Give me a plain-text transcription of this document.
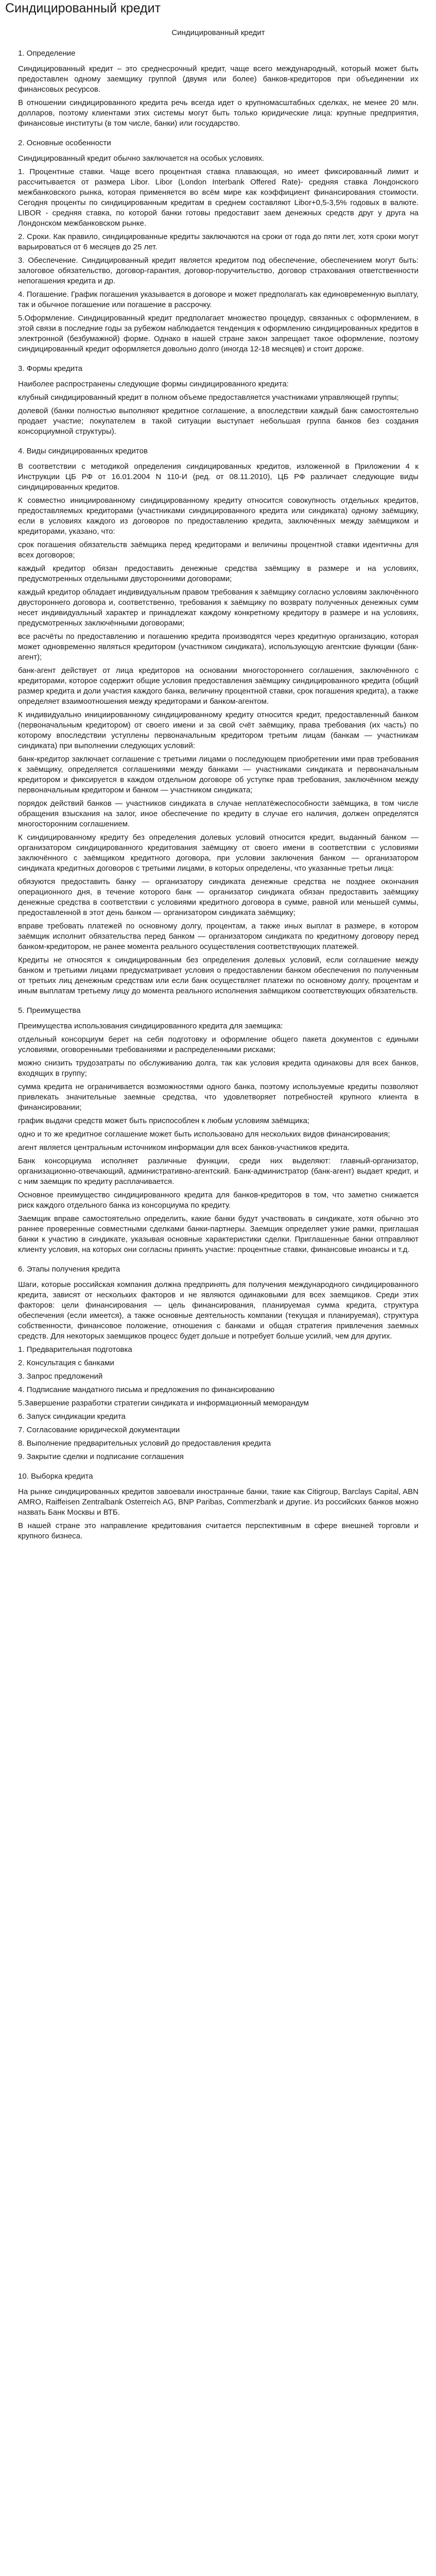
Синдицированный кредит
Синдицированный кредит
1. Определение

Синдицированный кредит – это среднесрочный кредит, чаще всего международный, который может быть предоставлен одному заемщику группой (двумя или более) банков-кредиторов при объединении их финансовых ресурсов.

В отношении синдицированного кредита речь всегда идет о крупномасштабных сделках, не менее 20 млн. долларов, поэтому клиентами этих системы могут быть только юридические лица: крупные предприятия, финансовые институты (в том числе, банки) или государство.

2. Основные особенности

Синдицированный кредит обычно заключается на особых условиях.

1. Процентные ставки. Чаще всего процентная ставка плавающая, но имеет фиксированный лимит и рассчитывается от размера Libor. Libor (London Interbank Offered Rate)- средняя ставка Лондонского межбанковского рынка, которая применяется во всём мире как коэффициент финансирования стоимости. Сегодня проценты по синдицированным кредитам в среднем составляют Libor+0,5-3,5% годовых в валюте. LIBOR - средняя ставка, по которой банки готовы предоставит заем денежных средств друг у друга на Лондонском межбанковском рынке.

2. Сроки. Как правило, синдицированные кредиты заключаются на сроки от года до пяти лет, хотя сроки могут варьироваться от 6 месяцев до 25 лет.

3. Обеспечение. Синдицированный кредит является кредитом под обеспечение, обеспечением могут быть: залоговое обязательство, договор-гарантия, договор-поручительство, договор страхования ответственности непогашения кредита и др.

4. Погашение. График погашения указывается в договоре и может предполагать как единовременную выплату, так и обычное погашение или погашение в рассрочку.

5.Оформление. Синдицированный кредит предполагает множество процедур, связанных с оформлением, в этой связи в последние годы за рубежом наблюдается тенденция к оформлению синдицированных кредитов в электронной (безбумажной) форме. Однако в нашей стране закон запрещает такое оформление, поэтому синдицированный кредит оформляется довольно долго (иногда 12-18 месяцев) и стоит дороже.

3. Формы кредита

Наиболее распространены следующие формы синдицированного кредита:

клубный синдицированный кредит в полном объеме предоставляется участниками управляющей группы;

долевой (банки полностью выполняют кредитное соглашение, а впоследствии каждый банк самостоятельно продает участие; покупателем в такой ситуации выступает небольшая группа банков без создания консорциумной структуры).

4. Виды синдицированных кредитов

В соответствии с методикой определения синдицированных кредитов, изложенной в Приложении 4 к Инструкции ЦБ РФ от 16.01.2004 N 110-И (ред. от 08.11.2010), ЦБ РФ различает следующие виды синдицированных кредитов.

К совместно инициированному синдицированному кредиту относится совокупность отдельных кредитов, предоставляемых кредиторами (участниками синдицированного кредита или синдиката) одному заёмщику, если в условиях каждого из договоров по предоставлению кредита, заключённых между заёмщиком и кредиторами, указано, что:

срок погашения обязательств заёмщика перед кредиторами и величины процентной ставки идентичны для всех договоров;

каждый кредитор обязан предоставить денежные средства заёмщику в размере и на условиях, предусмотренных отдельными двусторонними договорами;

каждый кредитор обладает индивидуальным правом требования к заёмщику согласно условиям заключённого двустороннего договора и, соответственно, требования к заёмщику по возврату полученных денежных сумм несет индивидуальный характер и принадлежат каждому конкретному кредитору в размере и на условиях, предусмотренных заключёнными договорами;

все расчёты по предоставлению и погашению кредита производятся через кредитную организацию, которая может одновременно являться кредитором (участником синдиката), использующую агентские функции (банк-агент);

банк-агент действует от лица кредиторов на основании многостороннего соглашения, заключённого с кредиторами, которое содержит общие условия предоставления заёмщику синдицированного кредита (общий размер кредита и доли участия каждого банка, величину процентной ставки, срок погашения кредита), а также определяет взаимоотношения между кредиторами и банком-агентом.

К индивидуально инициированному синдицированному кредиту относится кредит, предоставленный банком (первоначальным кредитором) от своего имени и за свой счёт заёмщику, права требования (их часть) по которому впоследствии уступлены первоначальным кредитором третьим лицам (банкам — участникам синдиката) при выполнении следующих условий:

банк-кредитор заключает соглашение с третьими лицами о последующем приобретении ими прав требования к заёмщику, определяется соглашениями между банками — участниками синдиката и первоначальным кредитором и фиксируется в каждом отдельном договоре об уступке прав требования, заключённом между первоначальным кредитором и банком — участником синдиката;

порядок действий банков — участников синдиката в случае неплатёжеспособности заёмщика, в том числе обращения взыскания на залог, иное обеспечение по кредиту в случае его наличия, должен определятся многосторонним соглашением.

К синдицированному кредиту без определения долевых условий относится кредит, выданный банком — организатором синдицированного кредитования заёмщику от своего имени в соответствии с условиями заключённого с заёмщиком кредитного договора, при условии заключения банком — организатором синдиката кредитных договоров с третьими лицами, в которых определены, что указанные третьи лица:

обязуются предоставить банку — организатору синдиката денежные средства не позднее окончания операционного дня, в течение которого банк — организатор синдиката обязан предоставить заёмщику денежные средства в соответствии с условиями кредитного договора в сумме, равной или меньшей суммы, предоставленной в этот день банком — организатором синдиката заёмщику;

вправе требовать платежей по основному долгу, процентам, а также иных выплат в размере, в котором заёмщик исполнит обязательства перед банком — организатором синдиката по кредитному договору перед банком-кредитором, не ранее момента реального осуществления соответствующих платежей.

Кредиты не относятся к синдицированным без определения долевых условий, если соглашение между банком и третьими лицами предусматривает условия о предоставлении банком обеспечения по полученным от третьих лиц денежным средствам или если банк осуществляет платежи по основному долгу, процентам и иным выплатам третьему лицу до момента реального исполнения заёмщиком соответствующих обязательств.

5. Преимущества

Преимущества использования синдицированного кредита для заемщика:

отдельный консорциум берет на себя подготовку и оформление общего пакета документов с едиными условиями, оговоренными требованиями и распределенными рисками;

можно снизить трудозатраты по обслуживанию долга, так как условия кредита одинаковы для всех банков, входящих в группу;

сумма кредита не ограничивается возможностями одного банка, поэтому используемые кредиты позволяют привлекать значительные заемные средства, что удовлетворяет потребностей крупного клиента в финансировании;

график выдачи средств может быть приспособлен к любым условиям заёмщика;

одно и то же кредитное соглашение может быть использовано для нескольких видов финансирования;

агент является центральным источником информации для всех банков-участников кредита.

Банк консорциума исполняет различные функции, среди них выделяют: главный-организатор, организационно-отвечающий, административно-агентский. Банк-администратор (банк-агент) выдает кредит, и с ним заемщик по кредиту расплачивается.

Основное преимущество синдицированного кредита для банков-кредиторов в том, что заметно снижается риск каждого отдельного банка из консорциума по кредиту.

Заемщик вправе самостоятельно определить, какие банки будут участвовать в синдикате, хотя обычно это раннее проверенные совместными сделками банки-партнеры. Заемщик определяет узкие рамки, приглашая банки к участию в синдикате, указывая основные характеристики сделки. Приглашенные банки отправляют клиенту условия, на которых они согласны принять участие: процентные ставки, финансовые иноансы и т.д.

6. Этапы получения кредита

Шаги, которые российская компания должна предпринять для получения международного синдицированного кредита, зависят от нескольких факторов и не являются одинаковыми для всех заемщиков. Среди этих факторов: цели финансирования — цель финансирования, планируемая сумма кредита, структура обеспечения (если имеется), а также основные деятельность компании (текущая и планируемая), структура собственности, финансовое положение, отношения с банками и общая стратегия привлечения заемных средств. Для некоторых заемщиков процесс будет дольше и потребует больше усилий, чем для других.

1. Предварительная подготовка

2. Консультация с банками

3. Запрос предложений

4. Подписание мандатного письма и предложения по финансированию

5.Завершение разработки стратегии синдиката и информационный меморандум

6. Запуск синдикации кредита

7. Согласование юридической документации

8. Выполнение предварительных условий до предоставления кредита

9. Закрытие сделки и подписание соглашения

10. Выборка кредита

На рынке синдицированных кредитов завоевали иностранные банки, такие как Citigroup, Barclays Capital, ABN AMRO, Raiffeisen Zentralbank Osterreich AG, BNP Paribas, Commerzbank и другие. Из российских банков можно назвать Банк Москвы и ВТБ.

В нашей стране это направление кредитования считается перспективным в сфере внешней торговли и крупного бизнеса.
